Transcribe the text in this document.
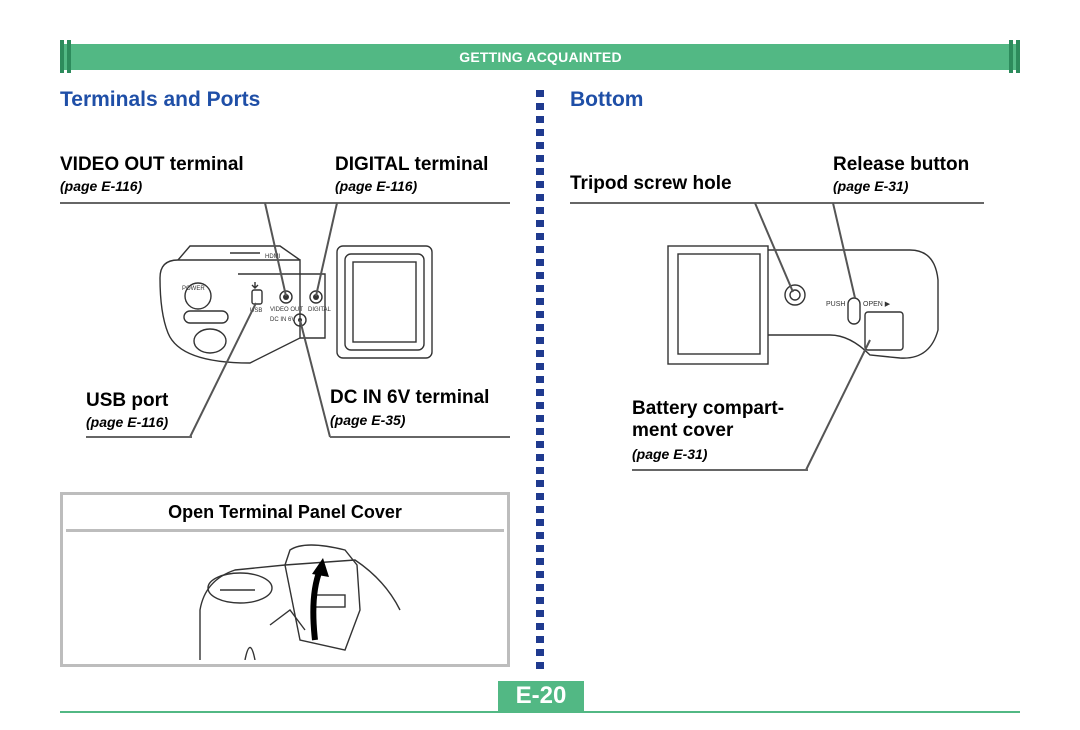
GETTING ACQUAINTED
Terminals and Ports
VIDEO OUT terminal
(page E-116)
DIGITAL terminal
(page E-116)
USB VIDEO OUT DIGITAL
DC IN 6V
HDMI
POWER
USB port
(page E-116)
DC IN 6V terminal
(page E-35)
Open Terminal Panel Cover
Bottom
Tripod screw hole
Release button
(page E-31)
PUSH	OPEN ▶
Battery compart-
ment cover
(page E-31)
E-20
